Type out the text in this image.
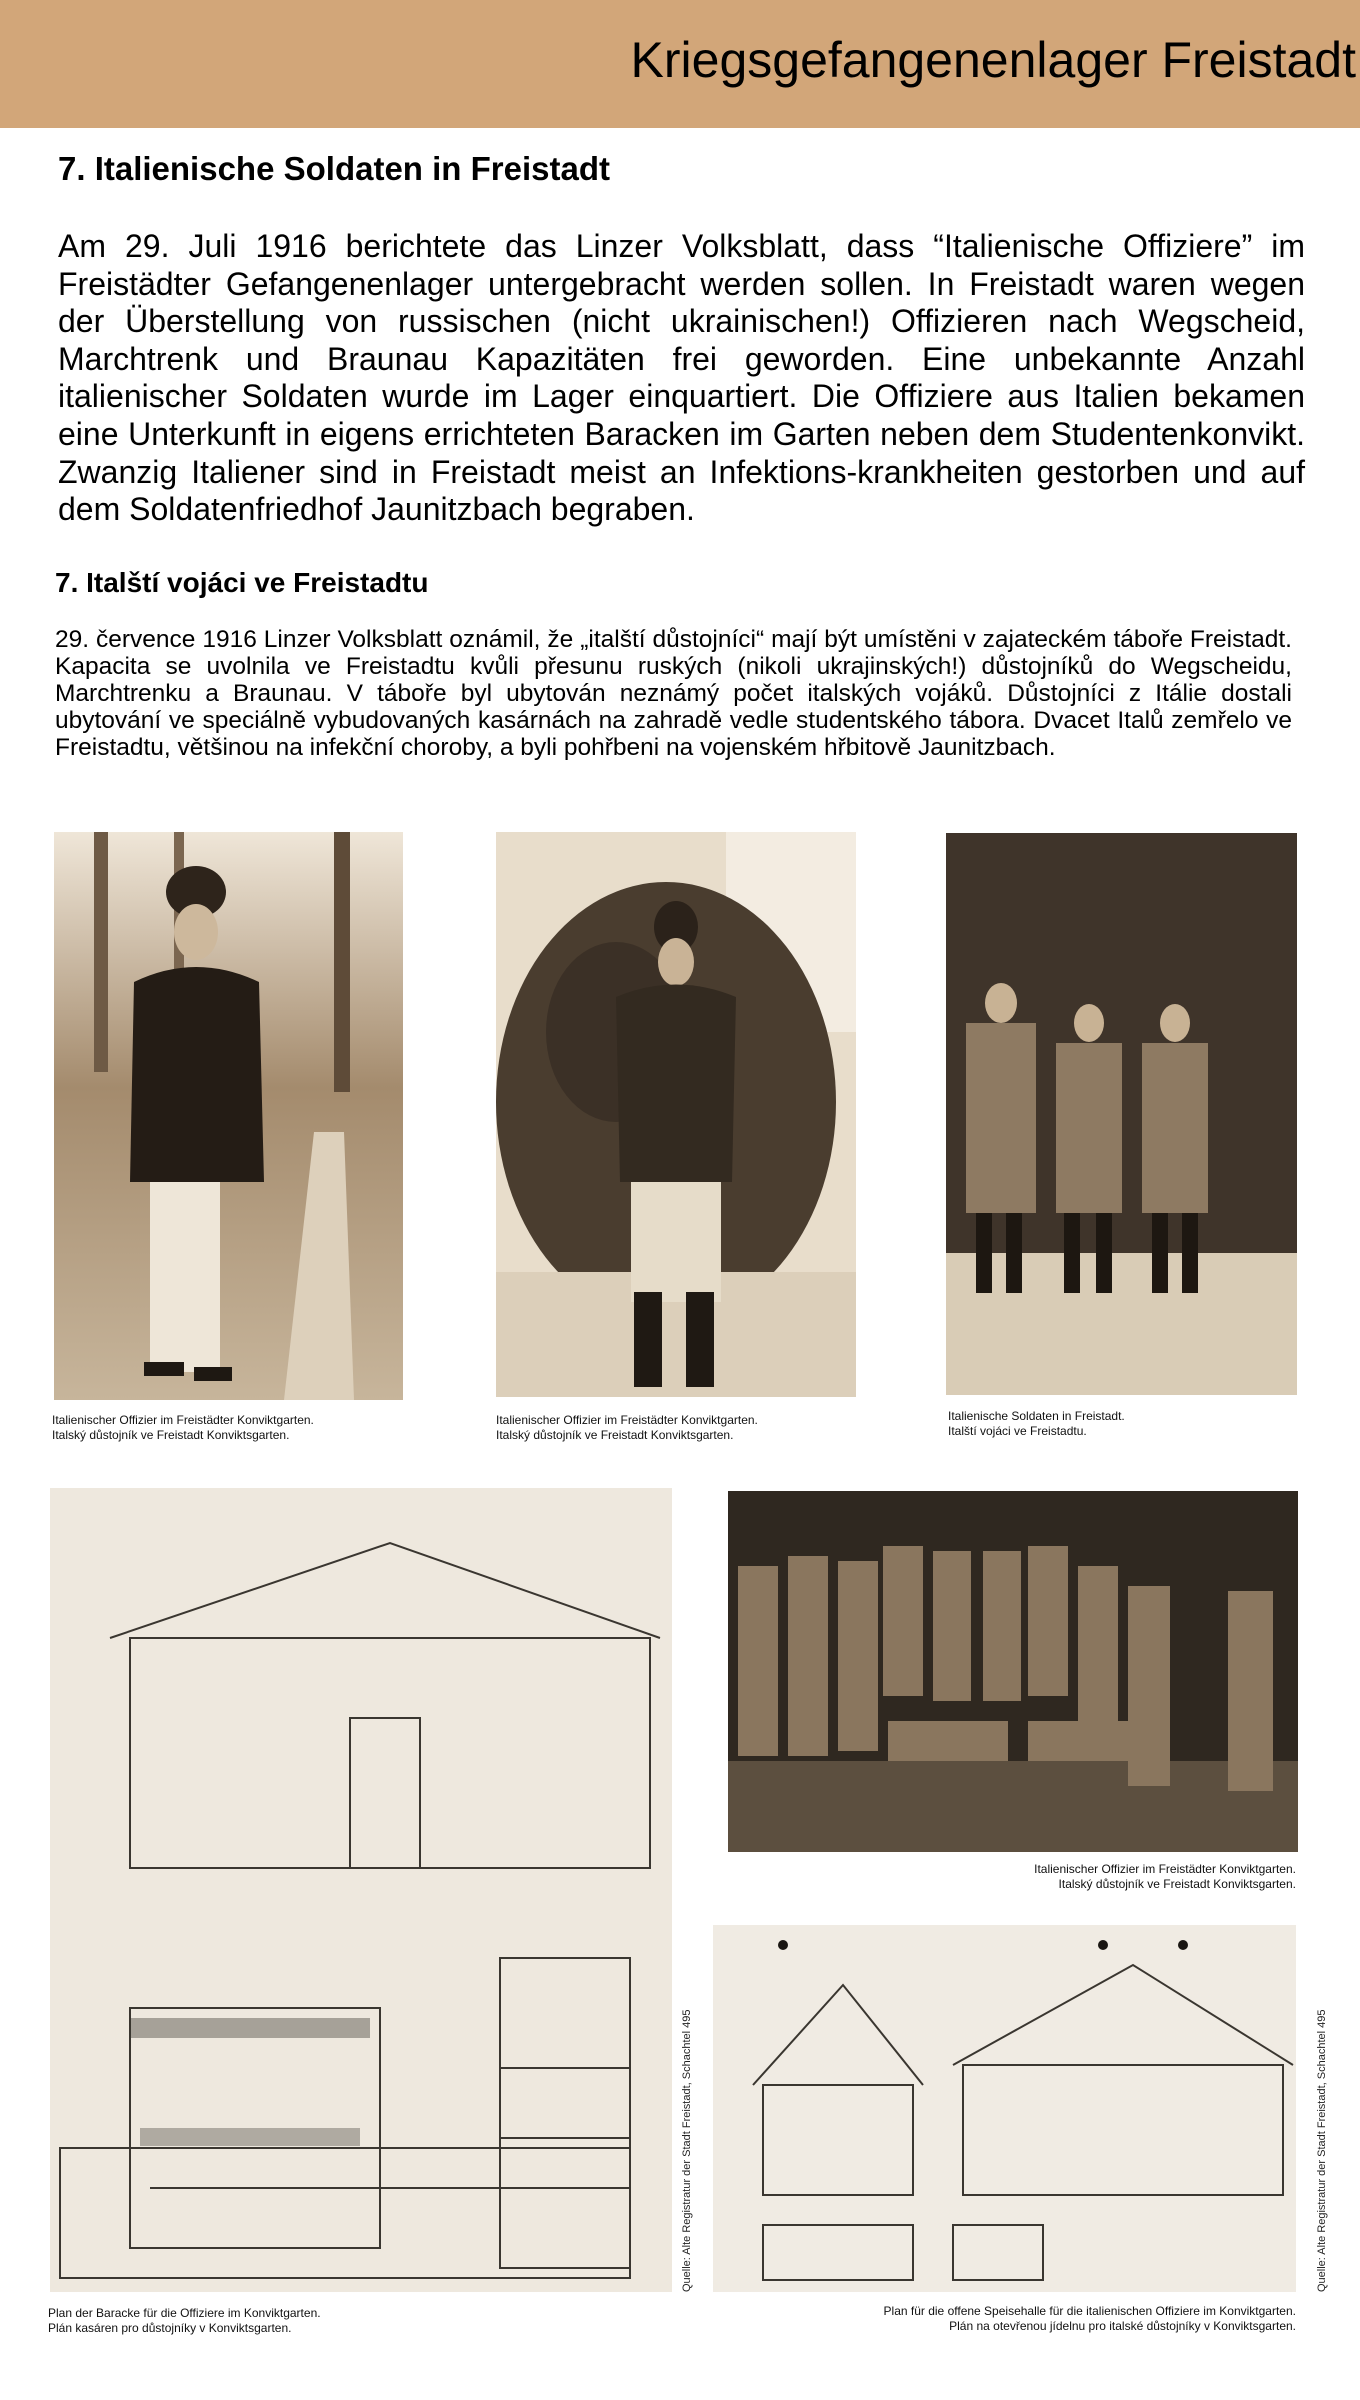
Kriegsgefangenenlager Freistadt
7. Italienische Soldaten in Freistadt
Am 29. Juli 1916 berichtete das Linzer Volksblatt, dass “Italienische Offiziere” im Freistädter Gefangenenlager untergebracht werden sollen. In Freistadt waren wegen der Überstellung von russischen (nicht ukrainischen!) Offizieren nach Wegscheid, Marchtrenk und Braunau Kapazitäten frei geworden. Eine unbekannte Anzahl italienischer Soldaten wurde im Lager einquartiert. Die Offiziere aus Italien bekamen eine Unterkunft in eigens errichteten Baracken im Garten neben dem Studentenkonvikt. Zwanzig Italiener sind in Freistadt meist an Infektions-krankheiten gestorben und auf dem Soldatenfriedhof Jaunitzbach begraben.
7. Italští vojáci ve Freistadtu
29. července 1916 Linzer Volksblatt oznámil, že „italští důstojníci“ mají být umístěni v zajateckém táboře Freistadt. Kapacita se uvolnila ve Freistadtu kvůli přesunu ruských (nikoli ukrajinských!) důstojníků do Wegscheidu, Marchtrenku a Braunau. V táboře byl ubytován neznámý počet italských vojáků. Důstojníci z Itálie dostali ubytování ve speciálně vybudovaných kasárnách na zahradě vedle studentského tábora. Dvacet Italů zemřelo ve Freistadtu, většinou na infekční choroby, a byli pohřbeni na vojenském hřbitově Jaunitzbach.
Italienischer Offizier im Freistädter Konviktgarten.
Italský důstojník ve Freistadt Konviktsgarten.
Italienischer Offizier im Freistädter Konviktgarten.
Italský důstojník ve Freistadt Konviktsgarten.
Italienische Soldaten in Freistadt.
Italští vojáci ve Freistadtu.
Quelle: Alte Registratur der Stadt Freistadt, Schachtel 495
Plan der Baracke für die Offiziere im Konviktgarten.
Plán kasáren pro důstojníky v Konviktsgarten.
Italienischer Offizier im Freistädter Konviktgarten.
Italský důstojník ve Freistadt Konviktsgarten.
Quelle: Alte Registratur der Stadt Freistadt, Schachtel 495
Plan für die offene Speisehalle für die italienischen Offiziere im Konviktgarten.
Plán na otevřenou jídelnu pro italské důstojníky v Konviktsgarten.
